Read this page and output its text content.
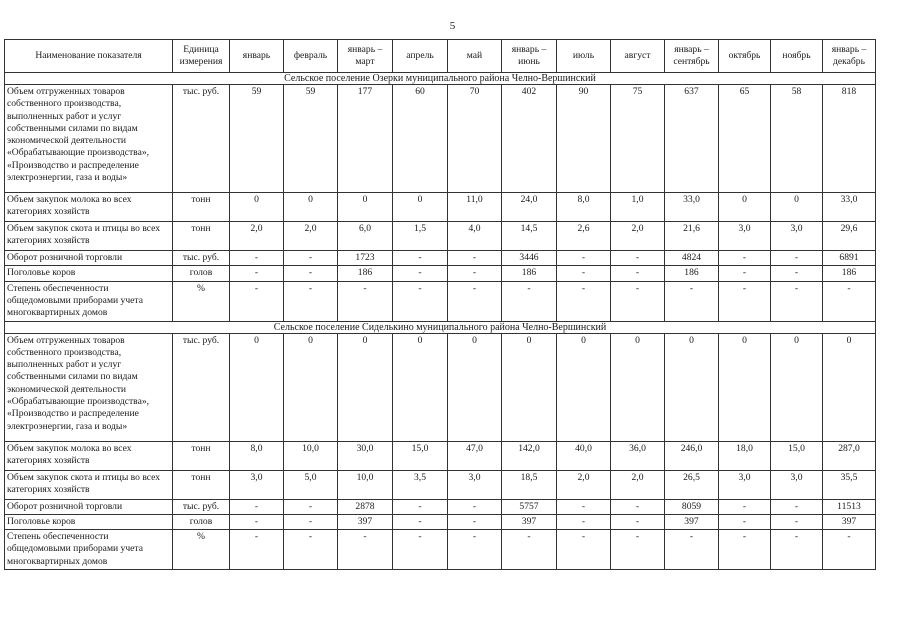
5
Наименование показателя	Единица измерения	январь	февраль	январь – март	апрель	май	январь – июнь	июль	август	январь – сентябрь	октябрь	ноябрь	январь – декабрь
Сельское поселение Озерки муниципального района Челно-Вершинский													
Объем отгруженных товаров собственного производства, выполненных работ и услуг собственными силами по видам экономической деятельности «Обрабатывающие производства», «Производство и распределение электроэнергии, газа и воды»	тыс. руб.	59	59	177	60	70	402	90	75	637	65	58	818
Объем закупок молока во всех категориях хозяйств	тонн	0	0	0	0	11,0	24,0	8,0	1,0	33,0	0	0	33,0
Объем закупок скота и птицы во всех категориях хозяйств	тонн	2,0	2,0	6,0	1,5	4,0	14,5	2,6	2,0	21,6	3,0	3,0	29,6
Оборот розничной торговли	тыс. руб.	-	-	1723	-	-	3446	-	-	4824	-	-	6891
Поголовье коров	голов	-	-	186	-	-	186	-	-	186	-	-	186
Степень обеспеченности общедомовыми приборами учета многоквартирных домов	%	-	-	-	-	-	-	-	-	-	-	-	-
Сельское поселение Сиделькино муниципального района Челно-Вершинский													
Объем отгруженных товаров собственного производства, выполненных работ и услуг собственными силами по видам экономической деятельности «Обрабатывающие производства», «Производство и распределение электроэнергии, газа и воды»	тыс. руб.	0	0	0	0	0	0	0	0	0	0	0	0
Объем закупок молока во всех категориях хозяйств	тонн	8,0	10,0	30,0	15,0	47,0	142,0	40,0	36,0	246,0	18,0	15,0	287,0
Объем закупок скота и птицы во всех категориях хозяйств	тонн	3,0	5,0	10,0	3,5	3,0	18,5	2,0	2,0	26,5	3,0	3,0	35,5
Оборот розничной торговли	тыс. руб.	-	-	2878	-	-	5757	-	-	8059	-	-	11513
Поголовье коров	голов	-	-	397	-	-	397	-	-	397	-	-	397
Степень обеспеченности общедомовыми приборами учета многоквартирных домов	%	-	-	-	-	-	-	-	-	-	-	-	-
